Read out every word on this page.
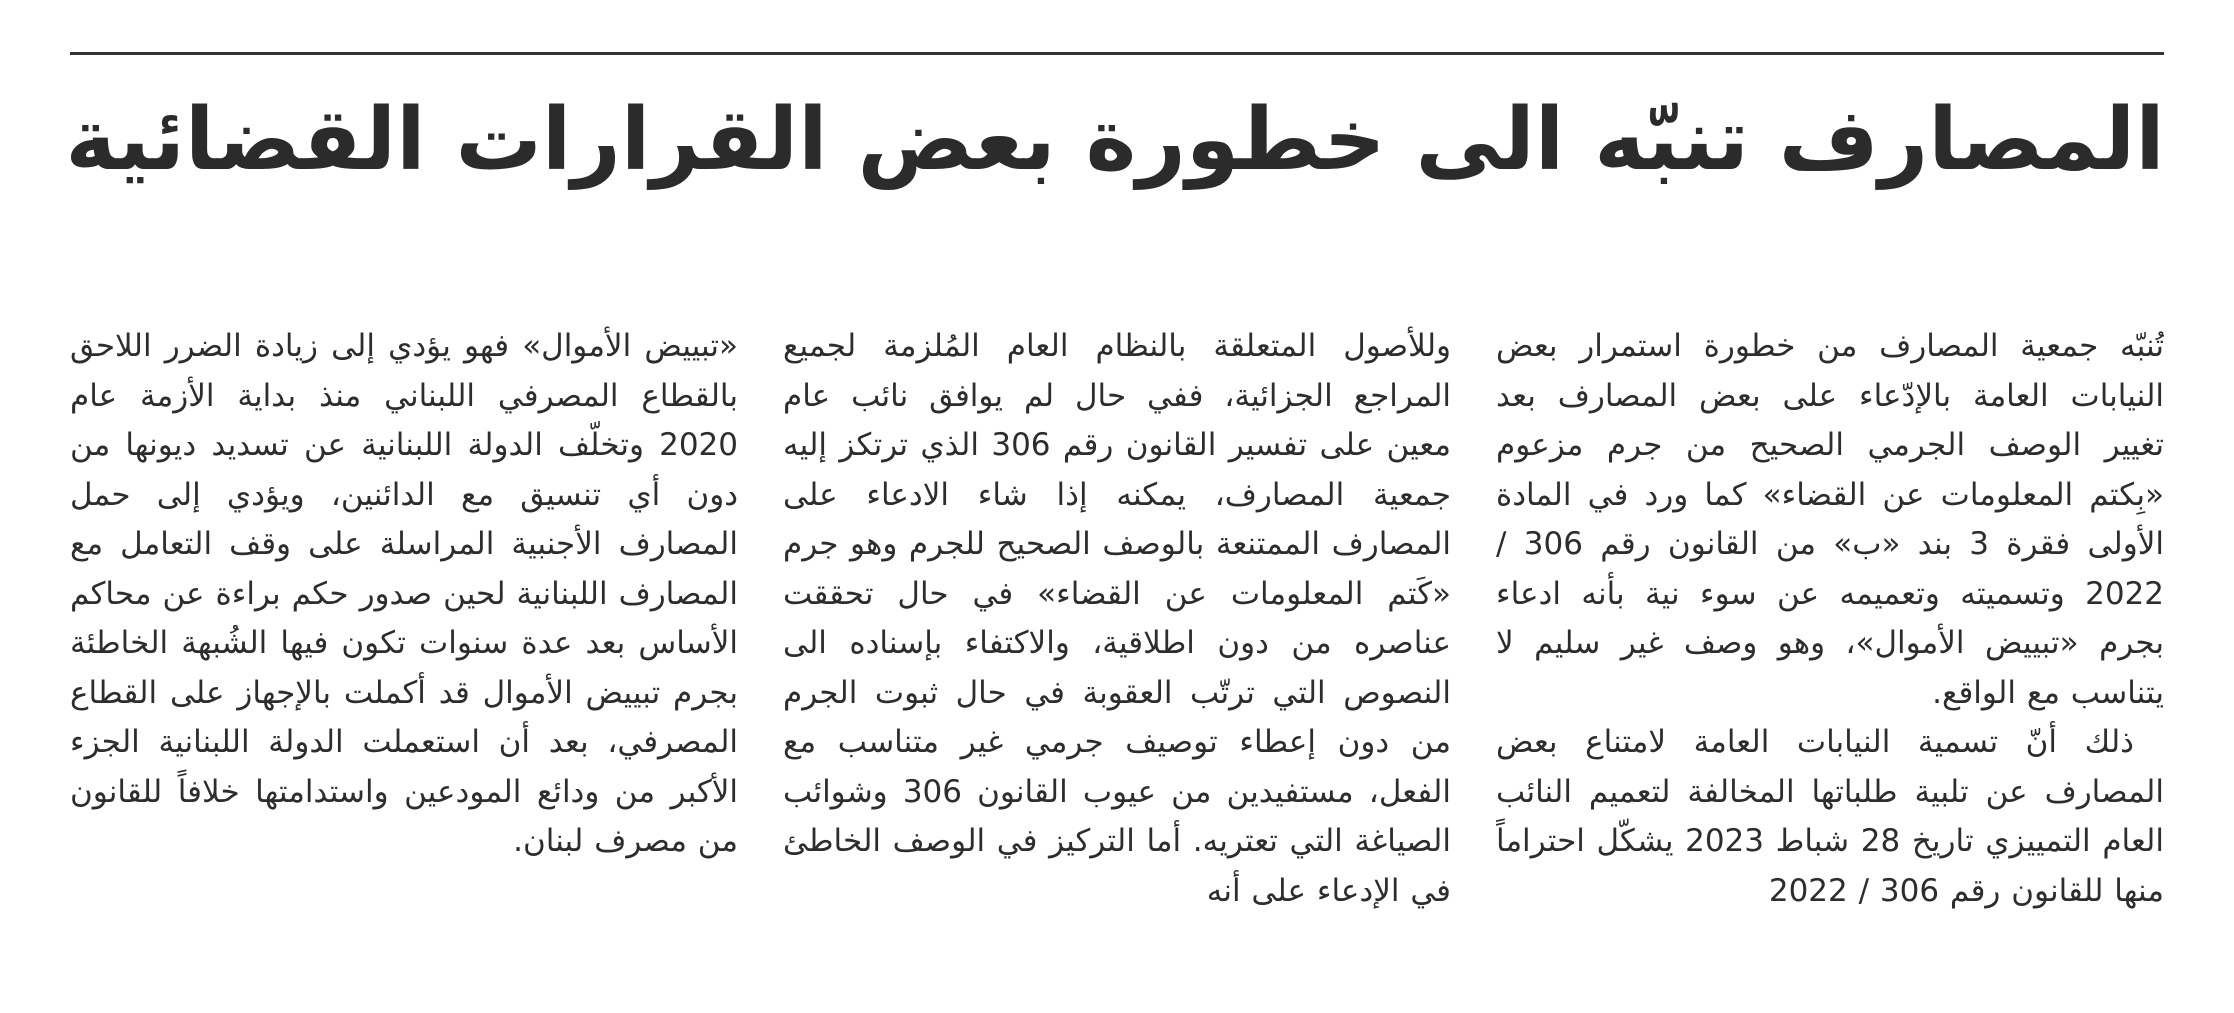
المصارف تنبّه الى خطورة بعض القرارات القضائية

تُنبّه جمعية المصارف من خطورة استمرار بعض النيابات العامة بالإدّعاء على بعض المصارف بعد تغيير الوصف الجرمي الصحيح من جرم مزعوم «بِكتم المعلومات عن القضاء» كما ورد في المادة الأولى فقرة 3 بند «ب» من القانون رقم 306 / 2022 وتسميته وتعميمه عن سوء نية بأنه ادعاء بجرم «تبييض الأموال»، وهو وصف غير سليم لا يتناسب مع الواقع.

ذلك أنّ تسمية النيابات العامة لامتناع بعض المصارف عن تلبية طلباتها المخالفة لتعميم النائب العام التمييزي تاريخ 28 شباط 2023 يشكّل احتراماً منها للقانون رقم 306 / 2022

وللأصول المتعلقة بالنظام العام المُلزمة لجميع المراجع الجزائية، ففي حال لم يوافق نائب عام معين على تفسير القانون رقم 306 الذي ترتكز إليه جمعية المصارف، يمكنه إذا شاء الادعاء على المصارف الممتنعة بالوصف الصحيح للجرم وهو جرم «كَتم المعلومات عن القضاء» في حال تحققت عناصره من دون اطلاقية، والاكتفاء بإسناده الى النصوص التي ترتّب العقوبة في حال ثبوت الجرم من دون إعطاء توصيف جرمي غير متناسب مع الفعل، مستفيدين من عيوب القانون 306 وشوائب الصياغة التي تعتريه. أما التركيز في الوصف الخاطئ في الإدعاء على أنه

«تبييض الأموال» فهو يؤدي إلى زيادة الضرر اللاحق بالقطاع المصرفي اللبناني منذ بداية الأزمة عام 2020 وتخلّف الدولة اللبنانية عن تسديد ديونها من دون أي تنسيق مع الدائنين، ويؤدي إلى حمل المصارف الأجنبية المراسلة على وقف التعامل مع المصارف اللبنانية لحين صدور حكم براءة عن محاكم الأساس بعد عدة سنوات تكون فيها الشُبهة الخاطئة بجرم تبييض الأموال قد أكملت بالإجهاز على القطاع المصرفي، بعد أن استعملت الدولة اللبنانية الجزء الأكبر من ودائع المودعين واستدامتها خلافاً للقانون من مصرف لبنان.
